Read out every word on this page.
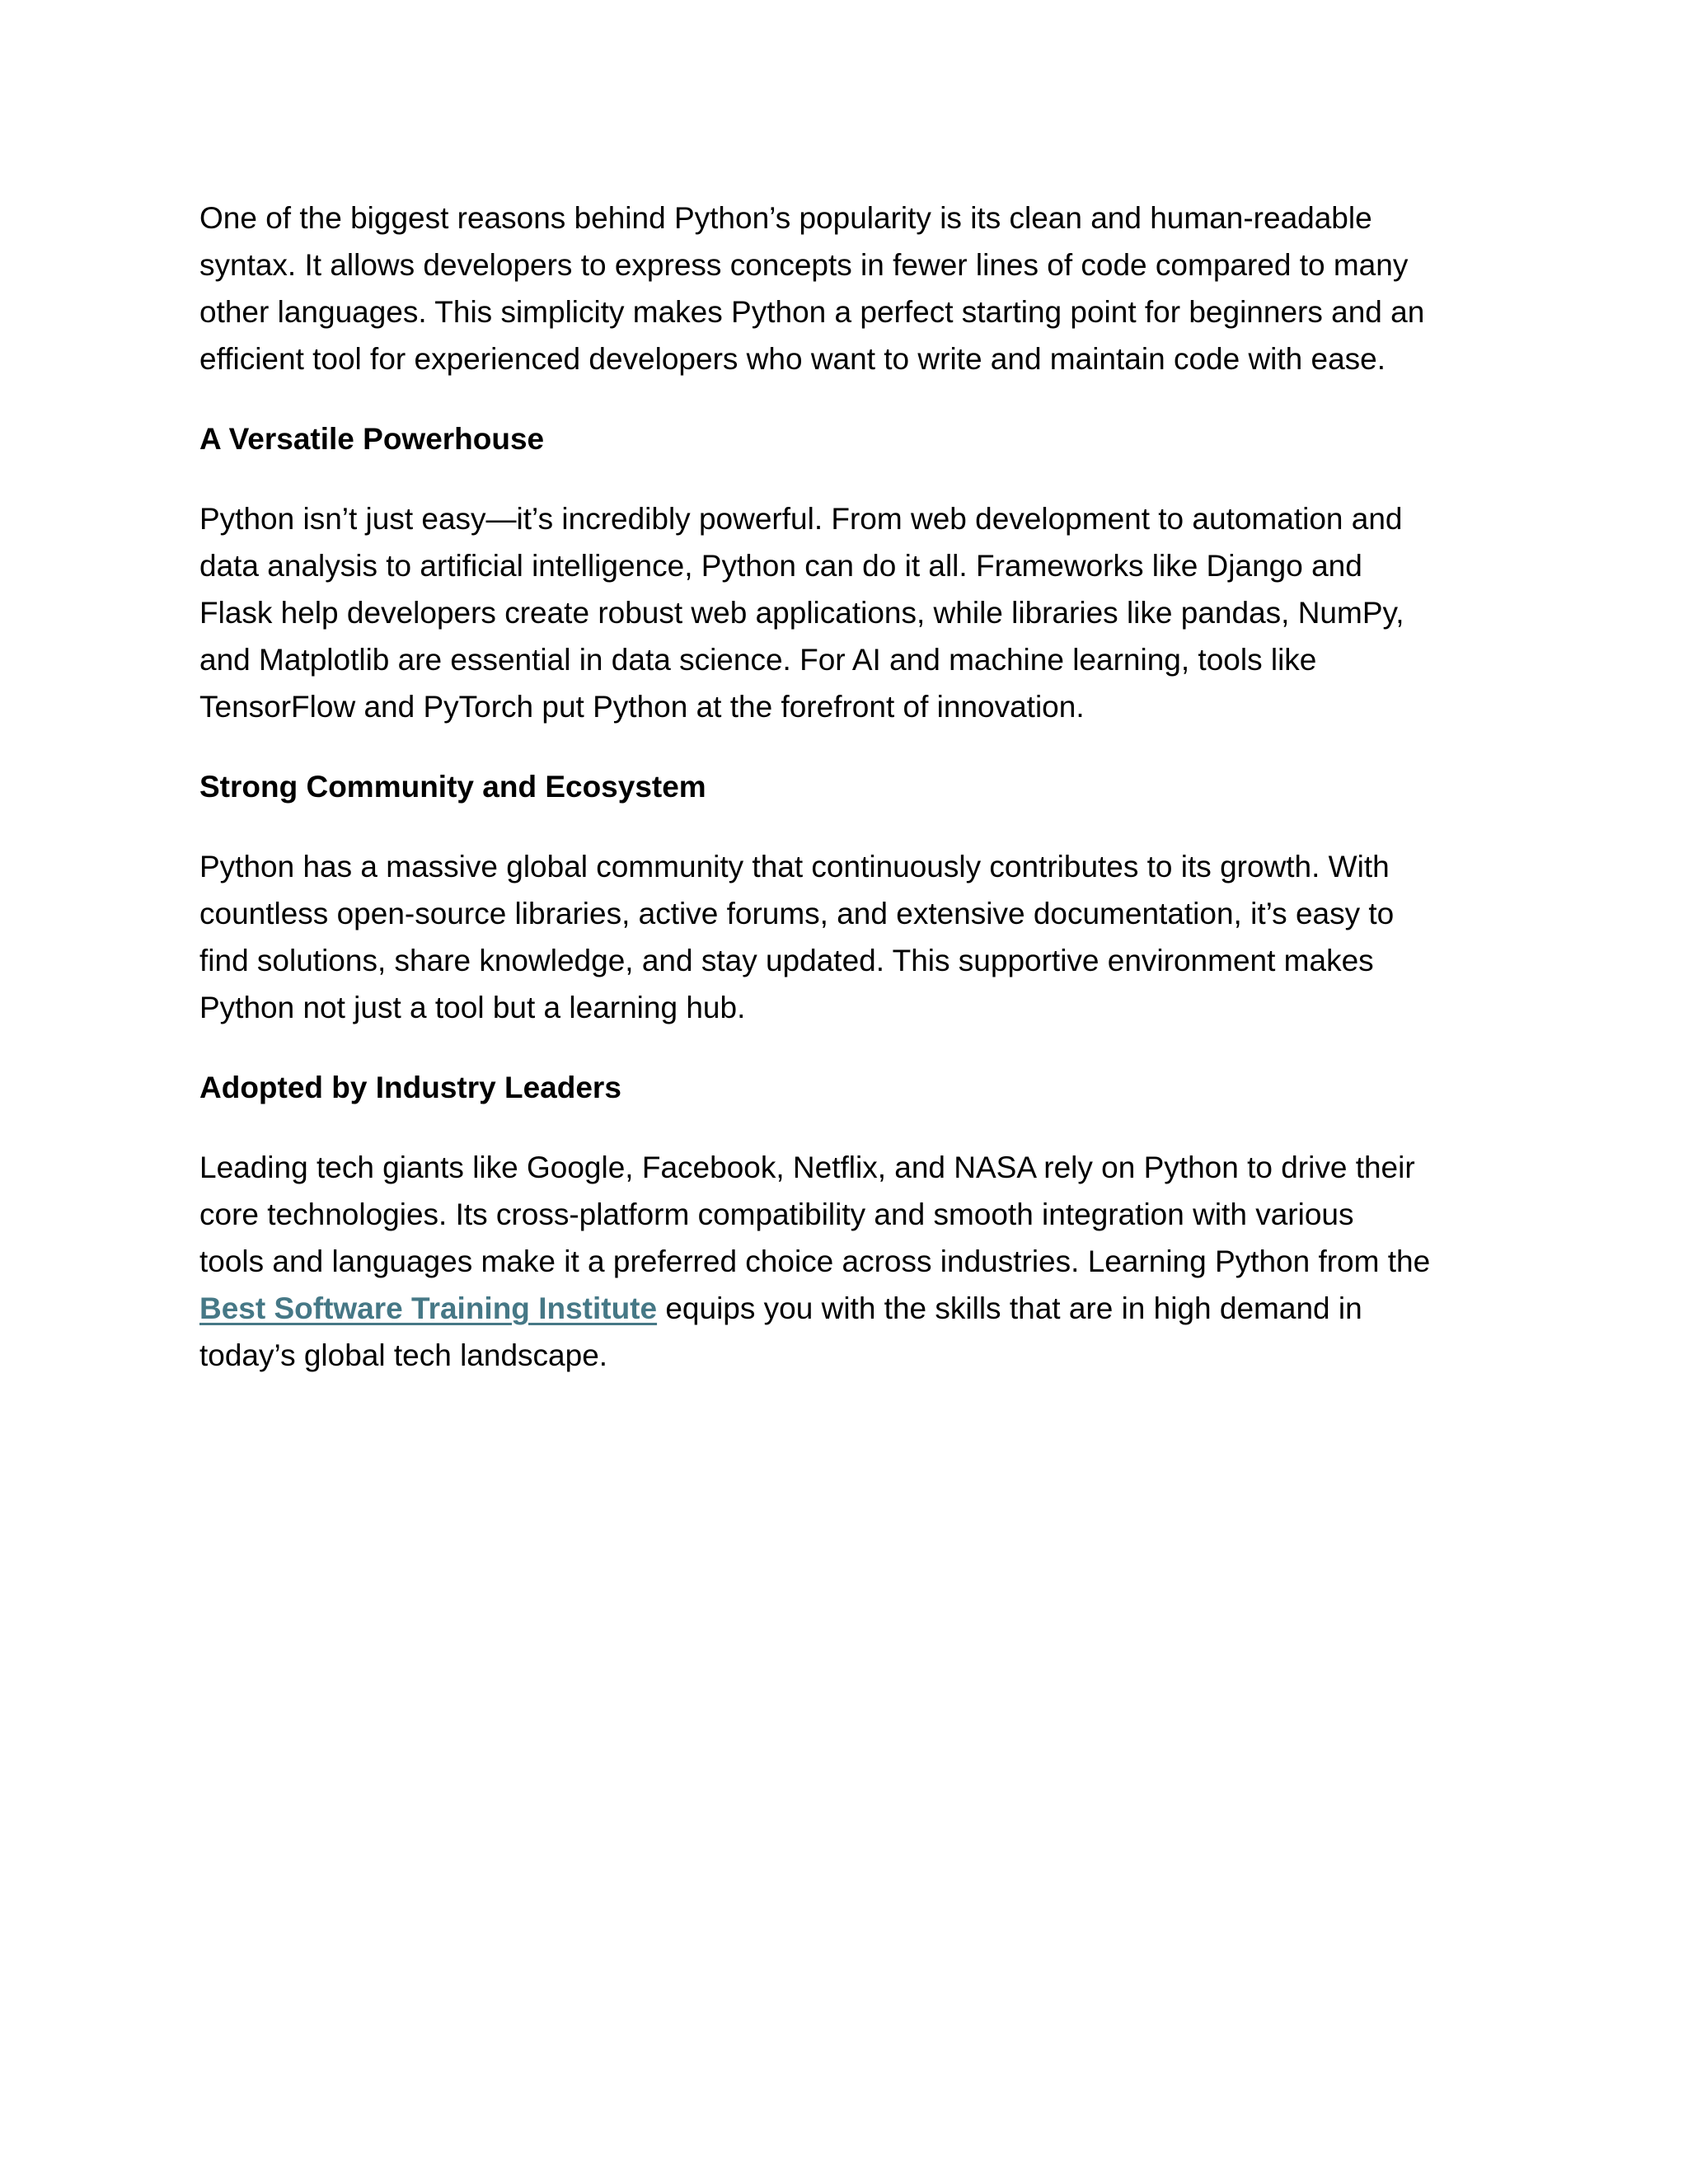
One of the biggest reasons behind Python’s popularity is its clean and human-readable
syntax. It allows developers to express concepts in fewer lines of code compared to many
other languages. This simplicity makes Python a perfect starting point for beginners and an
efficient tool for experienced developers who want to write and maintain code with ease.
A Versatile Powerhouse
Python isn’t just easy—it’s incredibly powerful. From web development to automation and
data analysis to artificial intelligence, Python can do it all. Frameworks like Django and
Flask help developers create robust web applications, while libraries like pandas, NumPy,
and Matplotlib are essential in data science. For AI and machine learning, tools like
TensorFlow and PyTorch put Python at the forefront of innovation.
Strong Community and Ecosystem
Python has a massive global community that continuously contributes to its growth. With
countless open-source libraries, active forums, and extensive documentation, it’s easy to
find solutions, share knowledge, and stay updated. This supportive environment makes
Python not just a tool but a learning hub.
Adopted by Industry Leaders
Leading tech giants like Google, Facebook, Netflix, and NASA rely on Python to drive their
core technologies. Its cross-platform compatibility and smooth integration with various
tools and languages make it a preferred choice across industries. Learning Python from the
Best Software Training Institute equips you with the skills that are in high demand in
today’s global tech landscape.
